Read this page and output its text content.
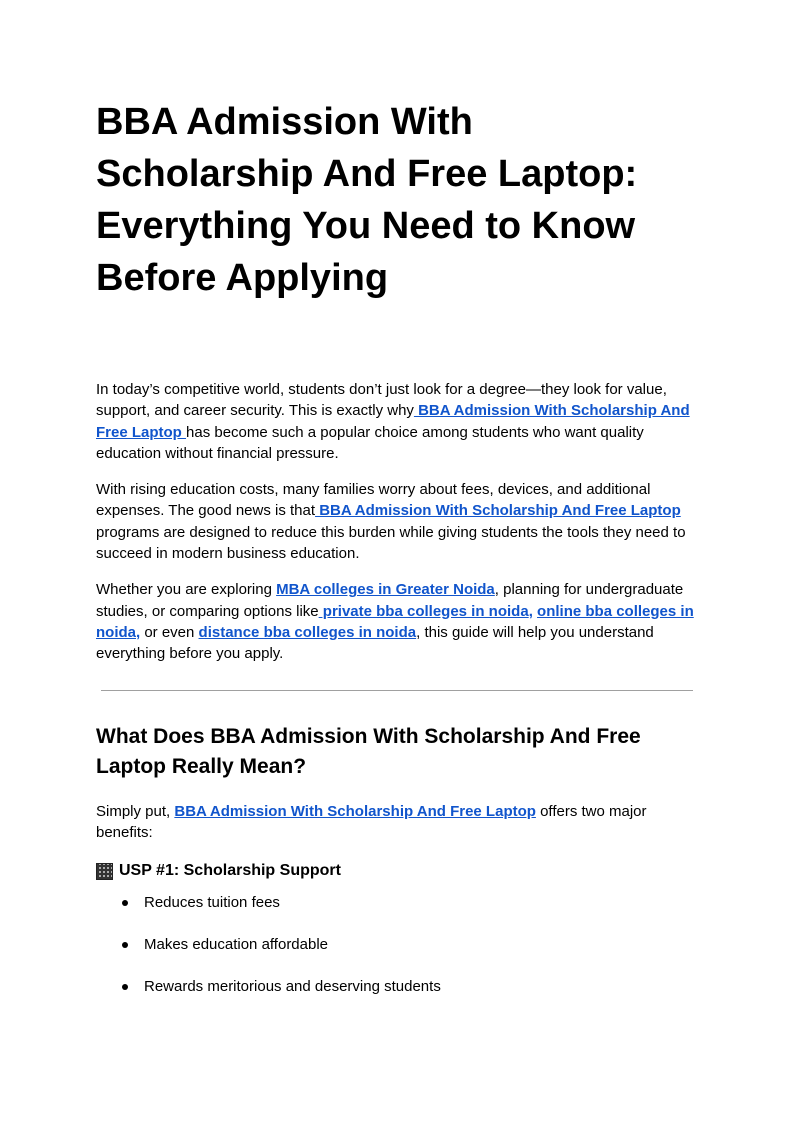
BBA Admission With Scholarship And Free Laptop: Everything You Need to Know Before Applying

In today’s competitive world, students don’t just look for a degree—they look for value, support, and career security. This is exactly why BBA Admission With Scholarship And Free Laptop has become such a popular choice among students who want quality education without financial pressure.

With rising education costs, many families worry about fees, devices, and additional expenses. The good news is that BBA Admission With Scholarship And Free Laptop programs are designed to reduce this burden while giving students the tools they need to succeed in modern business education.

Whether you are exploring MBA colleges in Greater Noida, planning for undergraduate studies, or comparing options like private bba colleges in noida, online bba colleges in noida, or even distance bba colleges in noida, this guide will help you understand everything before you apply.

What Does BBA Admission With Scholarship And Free Laptop Really Mean?

Simply put, BBA Admission With Scholarship And Free Laptop offers two major benefits:

USP #1: Scholarship Support
Reduces tuition fees
Makes education affordable
Rewards meritorious and deserving students
